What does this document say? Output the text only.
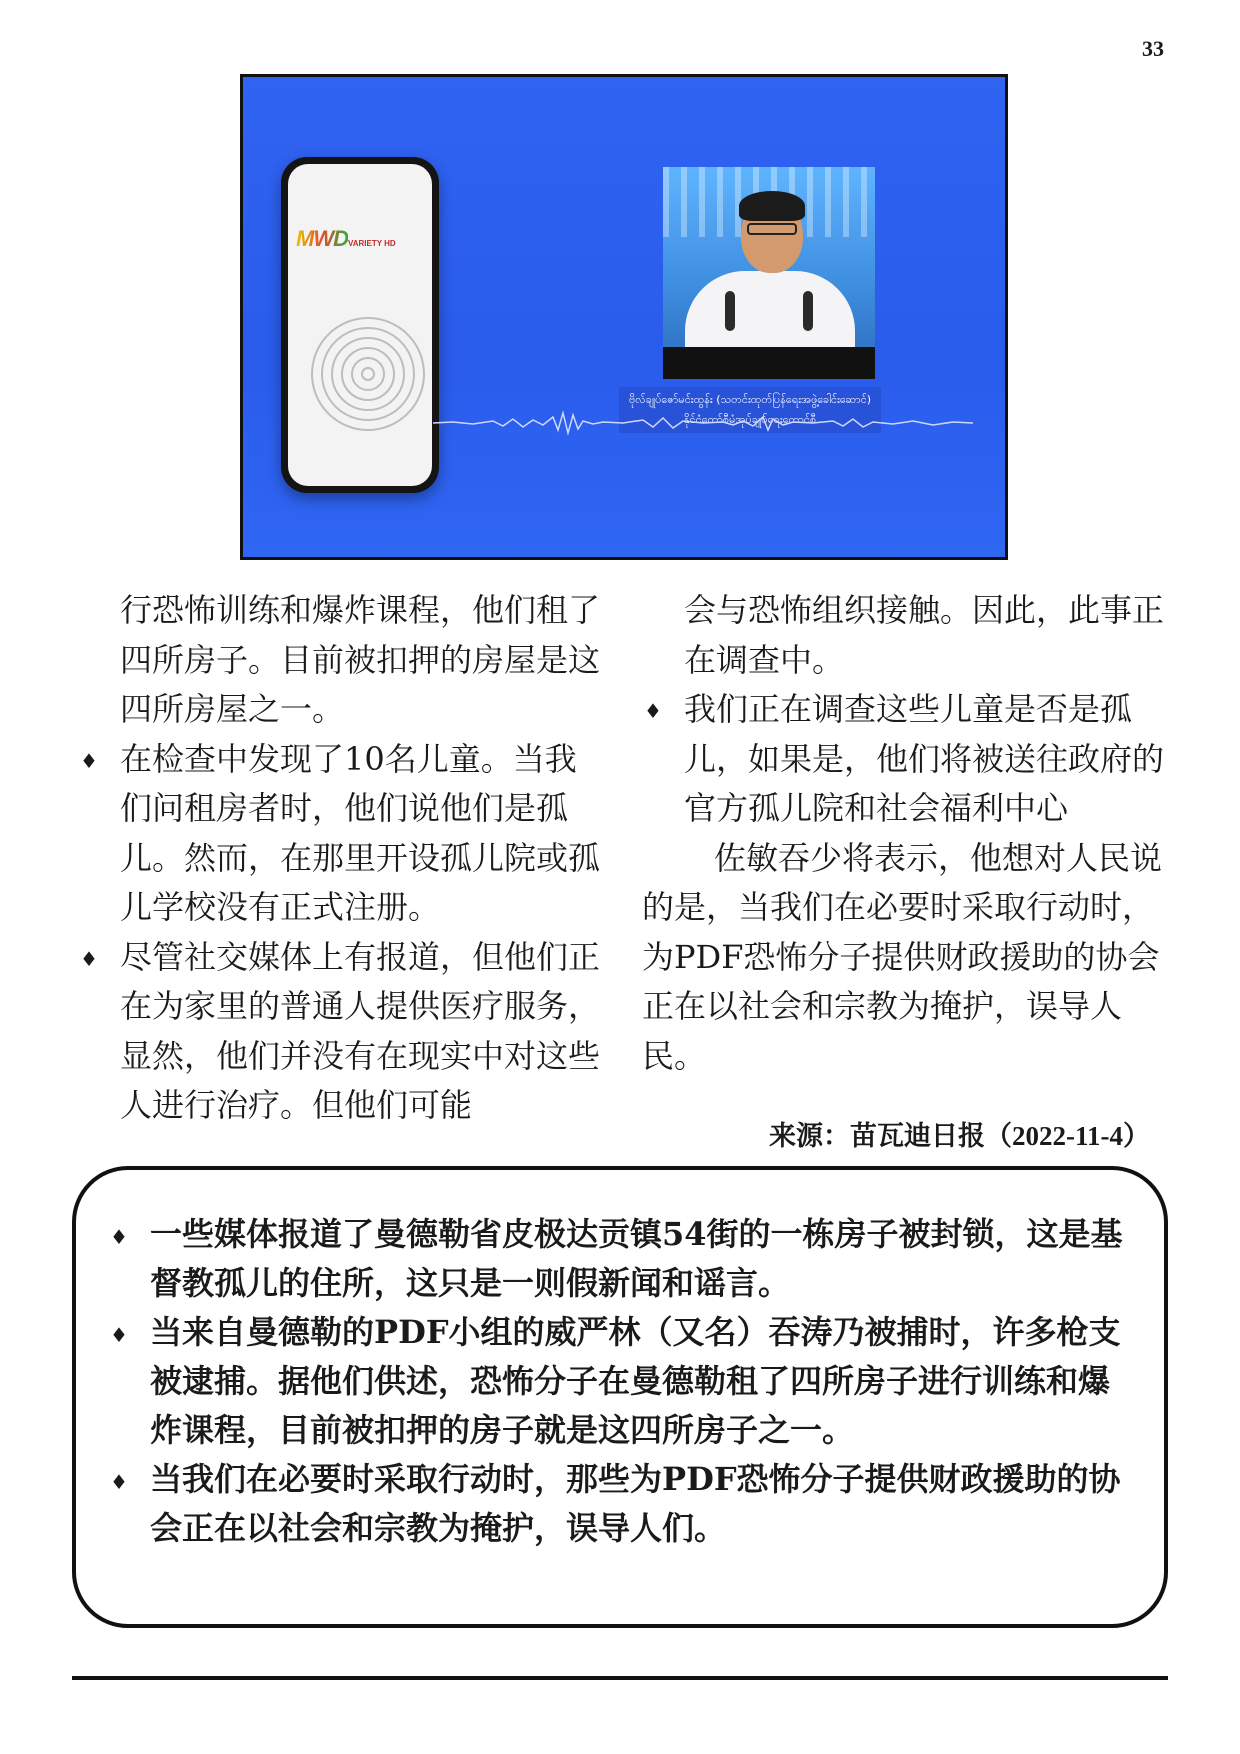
33
MWDVARIETY HD
ဗိုလ်ချုပ်ဇော်မင်းထွန်း (သတင်းထုတ်ပြန်ရေးအဖွဲ့ခေါင်းဆောင်)
နိုင်ငံတော်စီမံအုပ်ချုပ်ရေးကောင်စီ

行恐怖训练和爆炸课程，他们租了四所房子。目前被扣押的房屋是这四所房屋之一。

♦ 在检查中发现了10名儿童。当我们问租房者时，他们说他们是孤儿。然而，在那里开设孤儿院或孤儿学校没有正式注册。

♦ 尽管社交媒体上有报道，但他们正在为家里的普通人提供医疗服务，显然，他们并没有在现实中对这些人进行治疗。但他们可能

会与恐怖组织接触。因此，此事正在调查中。

♦ 我们正在调查这些儿童是否是孤儿，如果是，他们将被送往政府的官方孤儿院和社会福利中心

佐敏吞少将表示，他想对人民说的是，当我们在必要时采取行动时，为PDF恐怖分子提供财政援助的协会正在以社会和宗教为掩护，误导人民。

来源：苗瓦迪日报（2022-11-4）

♦ 一些媒体报道了曼德勒省皮极达贡镇54街的一栋房子被封锁，这是基督教孤儿的住所，这只是一则假新闻和谣言。

♦ 当来自曼德勒的PDF小组的威严林（又名）吞涛乃被捕时，许多枪支被逮捕。据他们供述，恐怖分子在曼德勒租了四所房子进行训练和爆炸课程，目前被扣押的房子就是这四所房子之一。

♦ 当我们在必要时采取行动时，那些为PDF恐怖分子提供财政援助的协会正在以社会和宗教为掩护，误导人们。
